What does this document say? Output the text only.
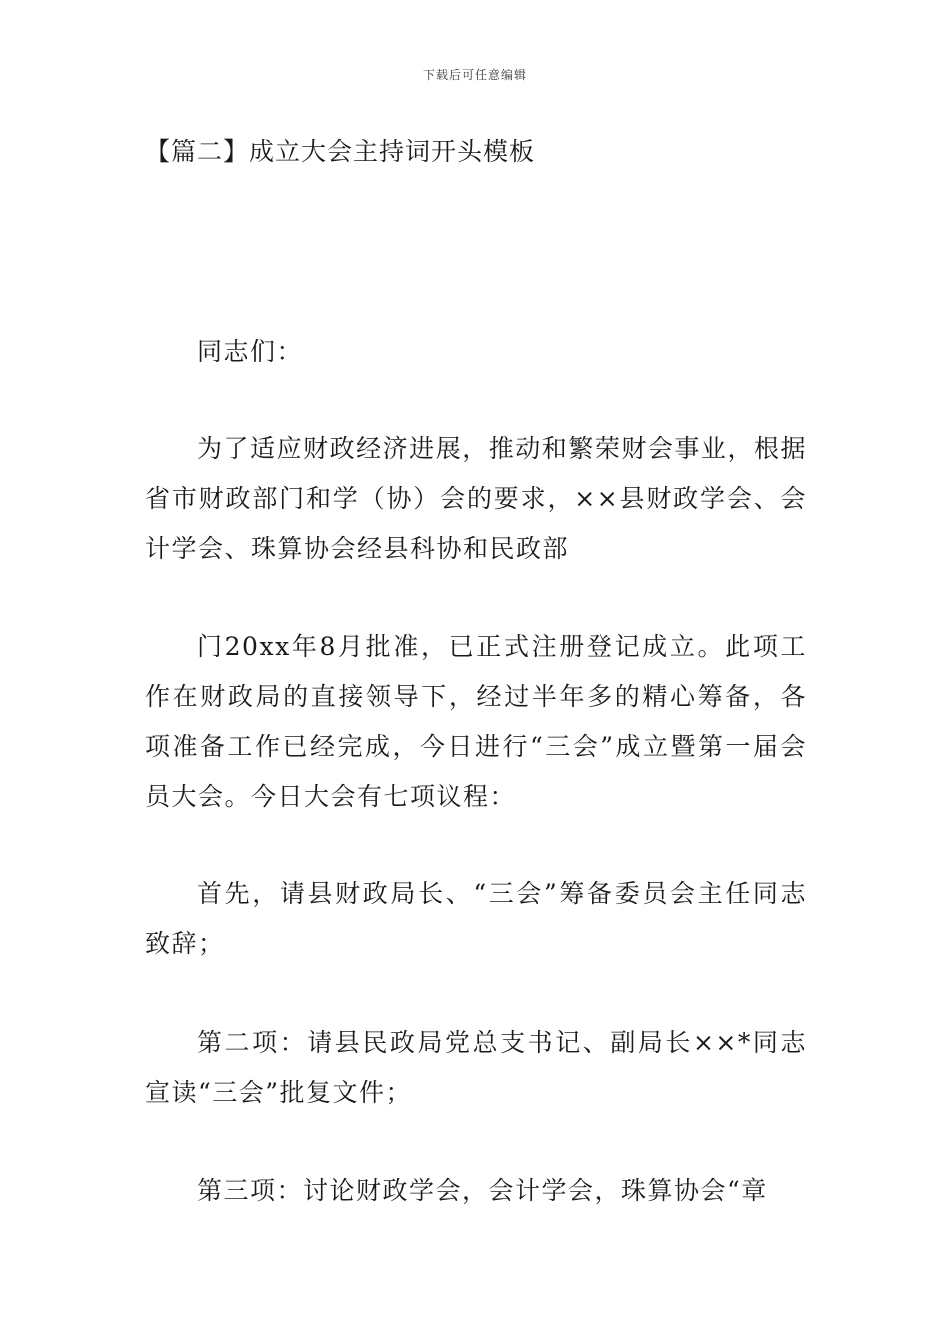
下载后可任意编辑
【篇二】成立大会主持词开头模板

同志们：

为了适应财政经济进展，推动和繁荣财会事业，根据省市财政部门和学（协）会的要求，××县财政学会、会计学会、珠算协会经县科协和民政部

门20xx年8月批准，已正式注册登记成立。此项工作在财政局的直接领导下，经过半年多的精心筹备，各项准备工作已经完成，今日进行“三会”成立暨第一届会员大会。今日大会有七项议程：

首先，请县财政局长、“三会”筹备委员会主任同志致辞；

第二项：请县民政局党总支书记、副局长××*同志宣读“三会”批复文件；

第三项：讨论财政学会，会计学会，珠算协会“章
